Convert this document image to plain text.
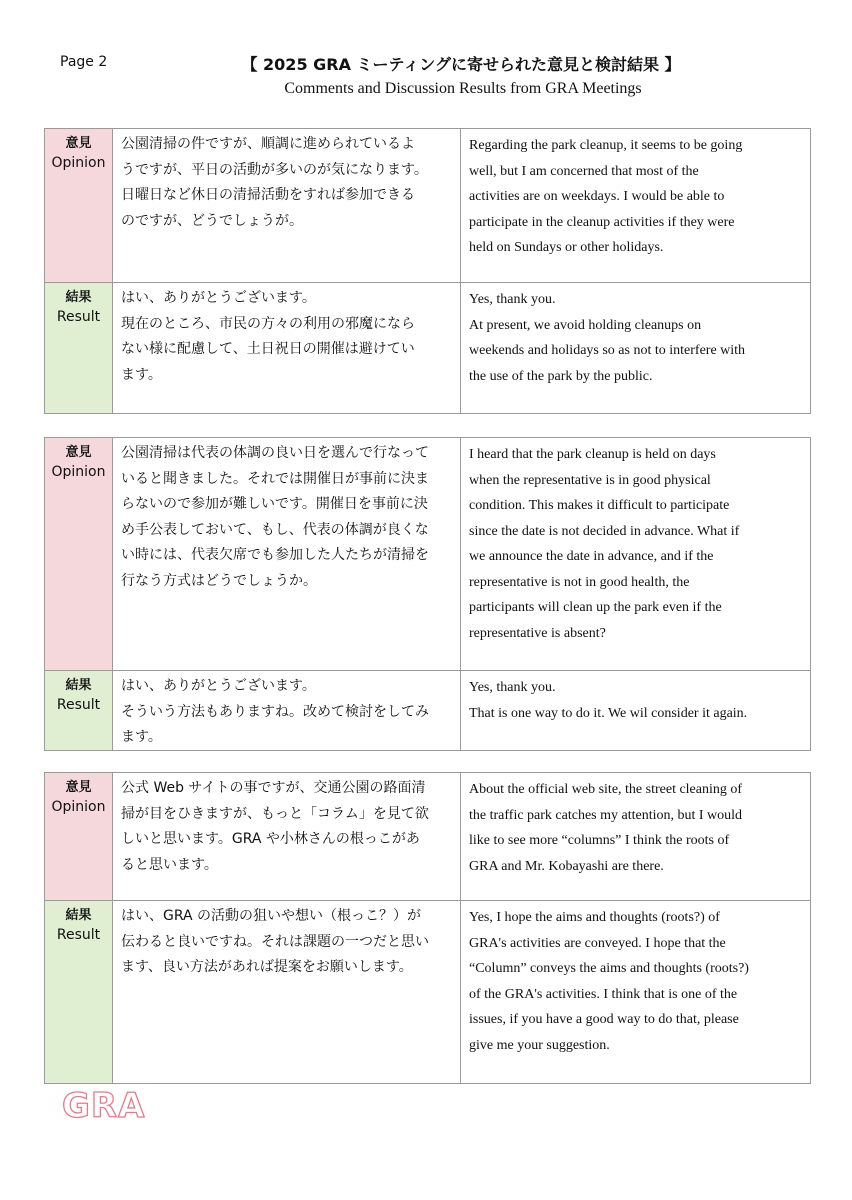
Page 2	【 2025 GRA ミーティングに寄せられた意見と検討結果 】
Comments and Discussion Results from GRA Meetings
意見
Opinion
公園清掃の件ですが、順調に進められているよ
うですが、平日の活動が多いのが気になります。
日曜日など休日の清掃活動をすれば参加できる
のですが、どうでしょうが。
Regarding the park cleanup, it seems to be going
well, but I am concerned that most of the
activities are on weekdays. I would be able to
participate in the cleanup activities if they were
held on Sundays or other holidays.
結果
Result
はい、ありがとうございます。
現在のところ、市民の方々の利用の邪魔になら
ない様に配慮して、土日祝日の開催は避けてい
ます。
Yes, thank you.
At present, we avoid holding cleanups on
weekends and holidays so as not to interfere with
the use of the park by the public.
意見
Opinion
公園清掃は代表の体調の良い日を選んで行なって
いると聞きました。それでは開催日が事前に決ま
らないので参加が難しいです。開催日を事前に決
め手公表しておいて、もし、代表の体調が良くな
い時には、代表欠席でも参加した人たちが清掃を
行なう方式はどうでしょうか。
I heard that the park cleanup is held on days
when the representative is in good physical
condition. This makes it difficult to participate
since the date is not decided in advance. What if
we announce the date in advance, and if the
representative is not in good health, the
participants will clean up the park even if the
representative is absent?
結果
Result
はい、ありがとうございます。
そういう方法もありますね。改めて検討をしてみ
ます。
Yes, thank you.
That is one way to do it. We wil consider it again.
意見
Opinion
公式 Web サイトの事ですが、交通公園の路面清
掃が目をひきますが、もっと「コラム」を見て欲
しいと思います。GRA や小林さんの根っこがあ
ると思います。
About the official web site, the street cleaning of
the traffic park catches my attention, but I would
like to see more “columns” I think the roots of
GRA and Mr. Kobayashi are there.
結果
Result
はい、GRA の活動の狙いや想い（根っこ？）が
伝わると良いですね。それは課題の一つだと思い
ます、良い方法があれば提案をお願いします。
Yes, I hope the aims and thoughts (roots?) of
GRA's activities are conveyed. I hope that the
“Column” conveys the aims and thoughts (roots?)
of the GRA's activities. I think that is one of the
issues, if you have a good way to do that, please
give me your suggestion.
GRA
